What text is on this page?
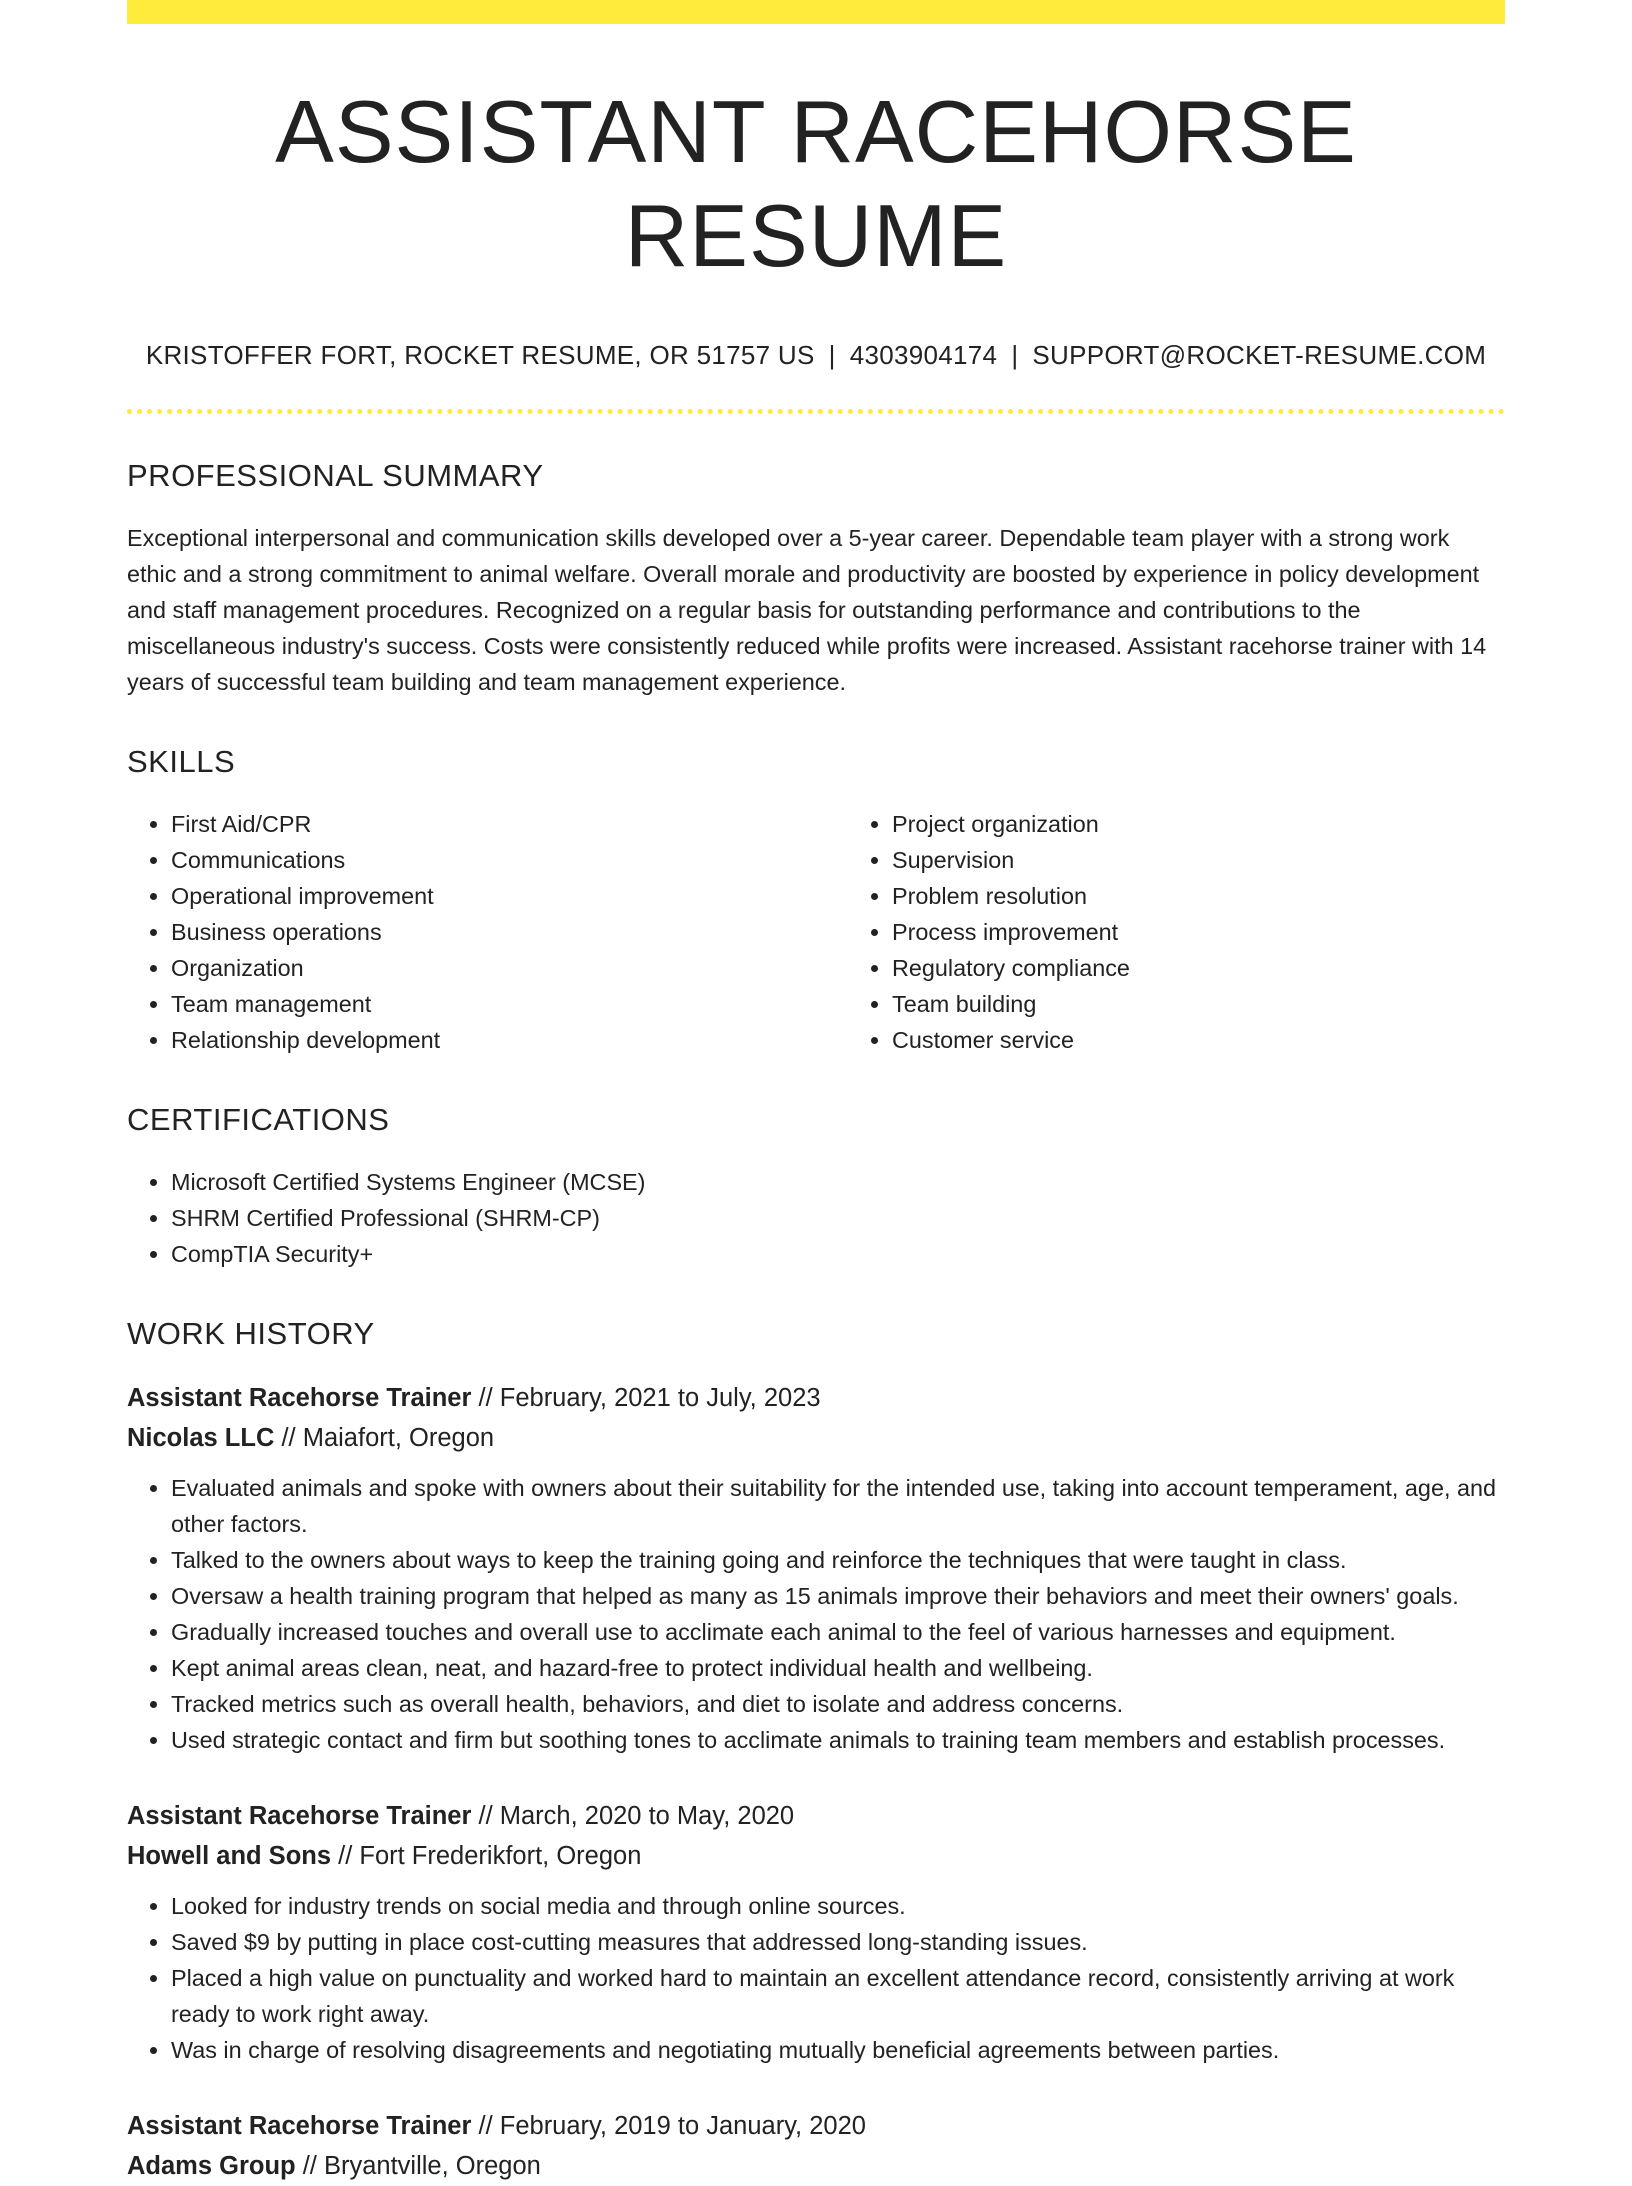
ASSISTANT RACEHORSE RESUME
KRISTOFFER FORT, ROCKET RESUME, OR 51757 US | 4303904174 | SUPPORT@ROCKET-RESUME.COM
PROFESSIONAL SUMMARY
Exceptional interpersonal and communication skills developed over a 5-year career. Dependable team player with a strong work ethic and a strong commitment to animal welfare. Overall morale and productivity are boosted by experience in policy development and staff management procedures. Recognized on a regular basis for outstanding performance and contributions to the miscellaneous industry's success. Costs were consistently reduced while profits were increased. Assistant racehorse trainer with 14 years of successful team building and team management experience.
SKILLS
• First Aid/CPR
• Communications
• Operational improvement
• Business operations
• Organization
• Team management
• Relationship development
• Project organization
• Supervision
• Problem resolution
• Process improvement
• Regulatory compliance
• Team building
• Customer service
CERTIFICATIONS
• Microsoft Certified Systems Engineer (MCSE)
• SHRM Certified Professional (SHRM-CP)
• CompTIA Security+
WORK HISTORY
Assistant Racehorse Trainer // February, 2021 to July, 2023
Nicolas LLC // Maiafort, Oregon
• Evaluated animals and spoke with owners about their suitability for the intended use, taking into account temperament, age, and other factors.
• Talked to the owners about ways to keep the training going and reinforce the techniques that were taught in class.
• Oversaw a health training program that helped as many as 15 animals improve their behaviors and meet their owners' goals.
• Gradually increased touches and overall use to acclimate each animal to the feel of various harnesses and equipment.
• Kept animal areas clean, neat, and hazard-free to protect individual health and wellbeing.
• Tracked metrics such as overall health, behaviors, and diet to isolate and address concerns.
• Used strategic contact and firm but soothing tones to acclimate animals to training team members and establish processes.
Assistant Racehorse Trainer // March, 2020 to May, 2020
Howell and Sons // Fort Frederikfort, Oregon
• Looked for industry trends on social media and through online sources.
• Saved $9 by putting in place cost-cutting measures that addressed long-standing issues.
• Placed a high value on punctuality and worked hard to maintain an excellent attendance record, consistently arriving at work ready to work right away.
• Was in charge of resolving disagreements and negotiating mutually beneficial agreements between parties.
Assistant Racehorse Trainer // February, 2019 to January, 2020
Adams Group // Bryantville, Oregon
